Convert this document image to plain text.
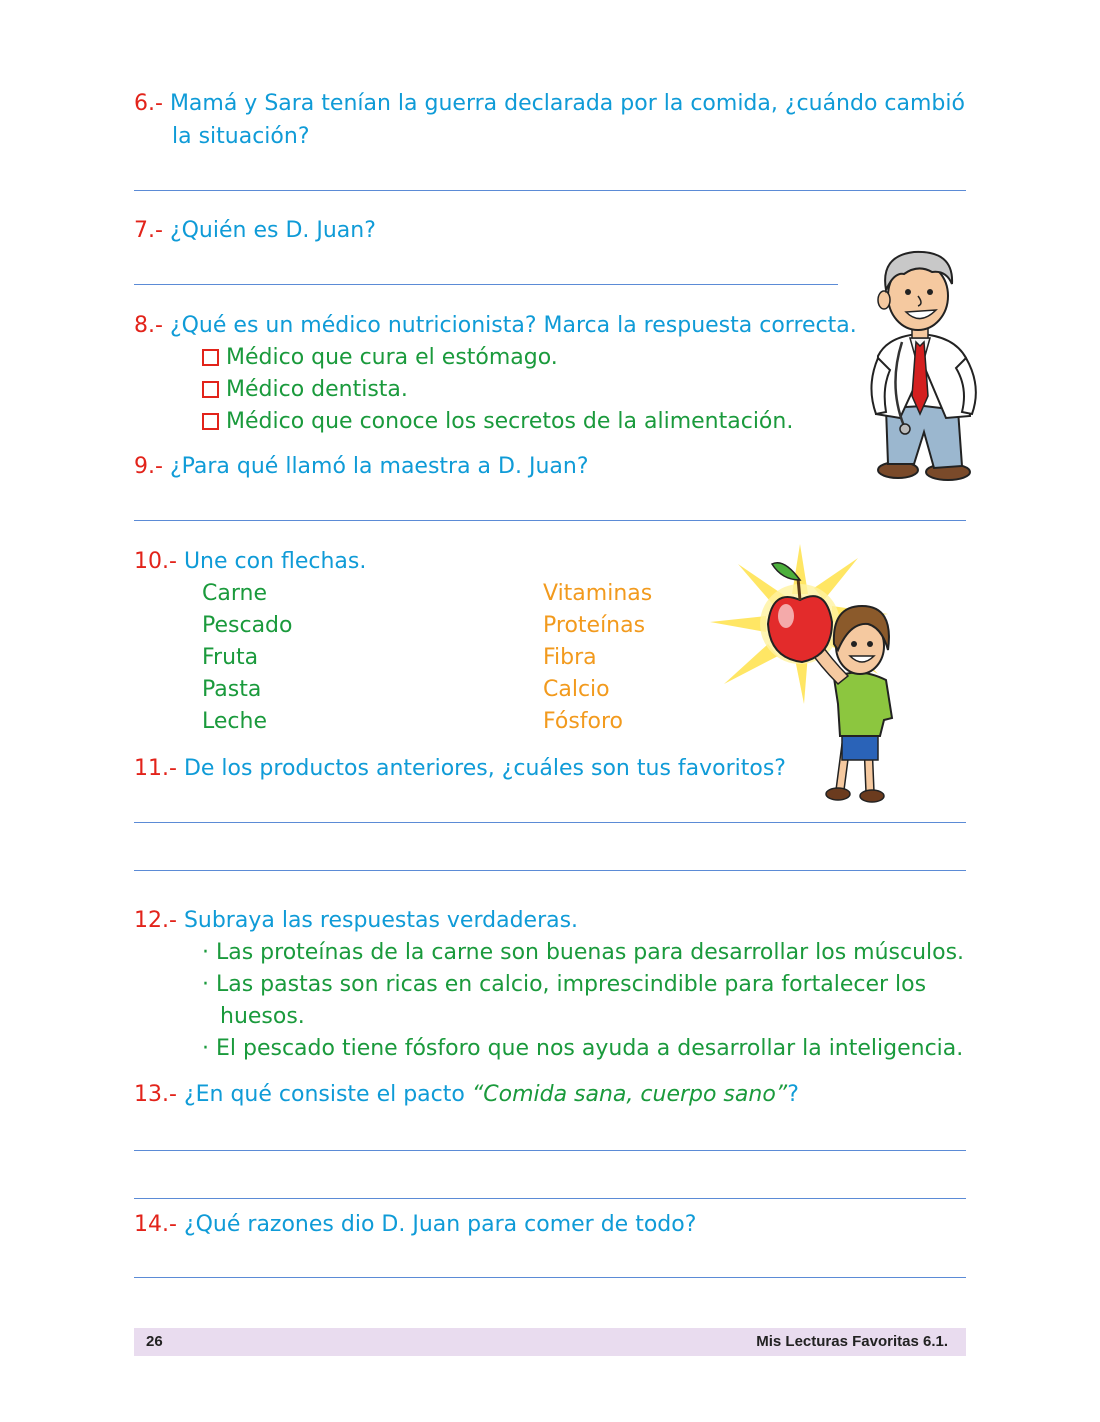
6.- Mamá y Sara tenían la guerra declarada por la comida, ¿cuándo cambió
la situación?
7.- ¿Quién es D. Juan?
8.- ¿Qué es un médico nutricionista? Marca la respuesta correcta.
Médico que cura el estómago.
Médico dentista.
Médico que conoce los secretos de la alimentación.
9.- ¿Para qué llamó la maestra a D. Juan?
10.- Une con flechas.
Carne
Pescado
Fruta
Pasta
Leche
Vitaminas
Proteínas
Fibra
Calcio
Fósforo
11.- De los productos anteriores, ¿cuáles son tus favoritos?
12.- Subraya las respuestas verdaderas.
· Las proteínas de la carne son buenas para desarrollar los músculos.
· Las pastas son ricas en calcio, imprescindible para fortalecer los
huesos.
· El pescado tiene fósforo que nos ayuda a desarrollar la inteligencia.
13.- ¿En qué consiste el pacto “Comida sana, cuerpo sano”?
14.- ¿Qué razones dio D. Juan para comer de todo?
26	Mis Lecturas Favoritas 6.1.
